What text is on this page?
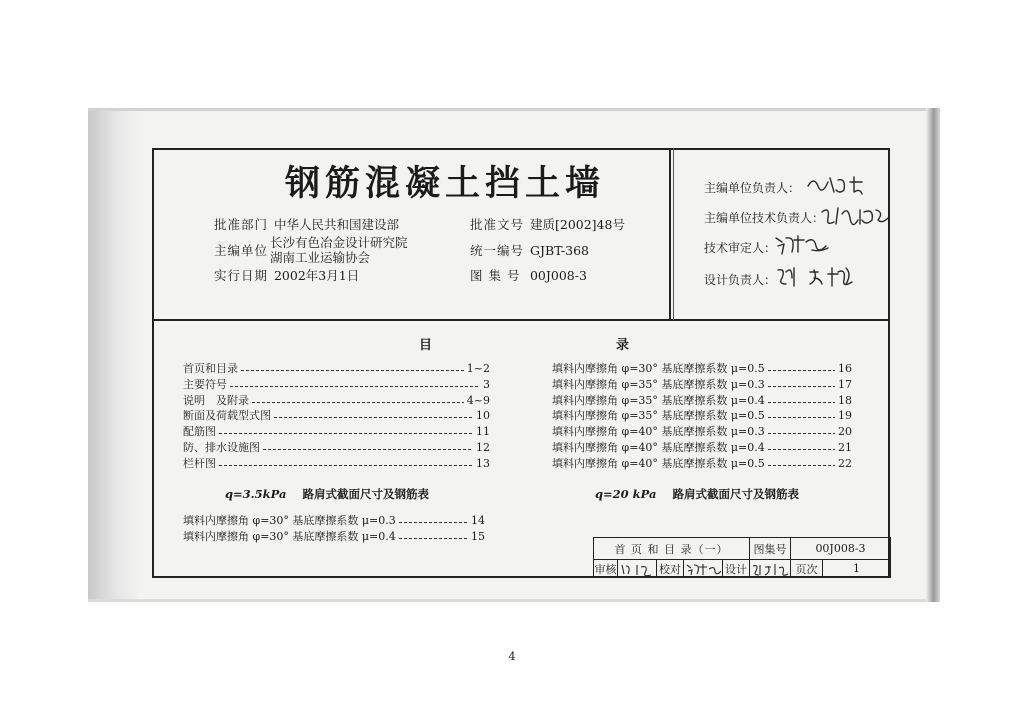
钢筋混凝土挡土墙
批准部门 中华人民共和国建设部
主编单位
长沙有色冶金设计研究院
湖南工业运输协会
实行日期 2002年3月1日
批准文号 建质[2002]48号
统一编号 GJBT-368
图 集 号 00J008-3
主编单位负责人：
主编单位技术负责人：
技术审定人：
设计负责人：
目	录
首页和目录	1~2
主要符号	3
说明　及附录	4~9
断面及荷载型式图	10
配筋图	11
防、排水设施图	12
栏杆图	13
填料内摩擦角 φ=30° 基底摩擦系数 μ=0.5	16
填料内摩擦角 φ=35° 基底摩擦系数 μ=0.3	17
填料内摩擦角 φ=35° 基底摩擦系数 μ=0.4	18
填料内摩擦角 φ=35° 基底摩擦系数 μ=0.5	19
填料内摩擦角 φ=40° 基底摩擦系数 μ=0.3	20
填料内摩擦角 φ=40° 基底摩擦系数 μ=0.4	21
填料内摩擦角 φ=40° 基底摩擦系数 μ=0.5	22
q=3.5kPa 路肩式截面尺寸及钢筋表	q=20 kPa 路肩式截面尺寸及钢筋表
填料内摩擦角 φ=30° 基底摩擦系数 μ=0.3	14
填料内摩擦角 φ=30° 基底摩擦系数 μ=0.4	15
首 页 和 目 录（一）					图集号	00J008-3	
审核		校对		设计		页次	1
4
